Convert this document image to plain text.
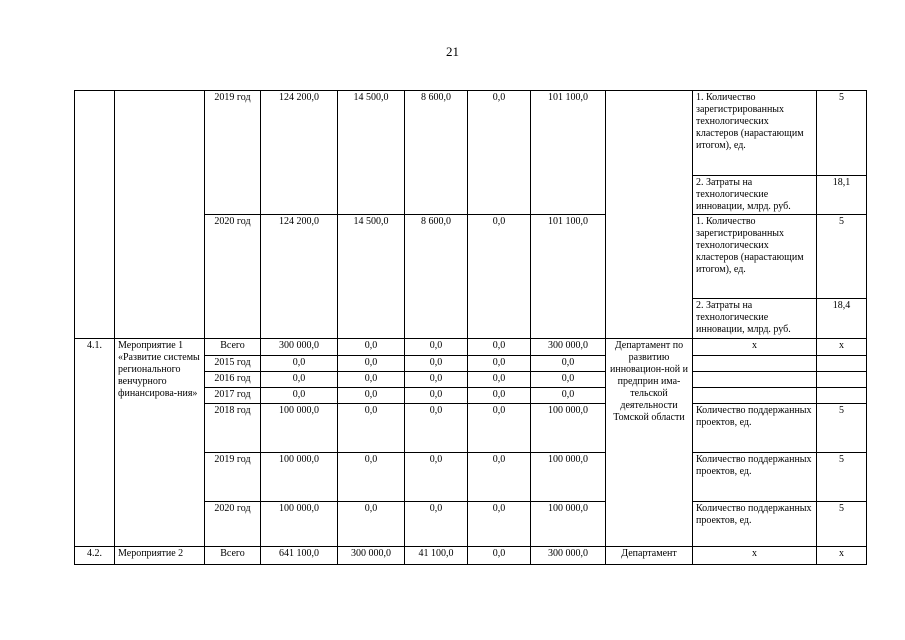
21
		2019 год	124 200,0	14 500,0	8 600,0	0,0	101 100,0		1. Количество зарегистрированных технологических кластеров (нарастающим итогом), ед.	5
									2. Затраты на технологические инновации, млрд. руб.	18,1
		2020 год	124 200,0	14 500,0	8 600,0	0,0	101 100,0		1. Количество зарегистрированных технологических кластеров (нарастающим итогом), ед.	5
									2. Затраты на технологические инновации, млрд. руб.	18,4
4.1.	Мероприятие 1 «Развитие системы регионального венчурного финансирова-ния»	Всего	300 000,0	0,0	0,0	0,0	300 000,0	Департамент по развитию инновацион-ной и предприн има-тельской деятельности Томской области	х	х
		2015 год	0,0	0,0	0,0	0,0	0,0			
		2016 год	0,0	0,0	0,0	0,0	0,0			
		2017 год	0,0	0,0	0,0	0,0	0,0			
		2018 год	100 000,0	0,0	0,0	0,0	100 000,0		Количество поддержанных проектов, ед.	5
		2019 год	100 000,0	0,0	0,0	0,0	100 000,0		Количество поддержанных проектов, ед.	5
		2020 год	100 000,0	0,0	0,0	0,0	100 000,0		Количество поддержанных проектов, ед.	5
4.2.	Мероприятие 2	Всего	641 100,0	300 000,0	41 100,0	0,0	300 000,0	Департамент	х	х
